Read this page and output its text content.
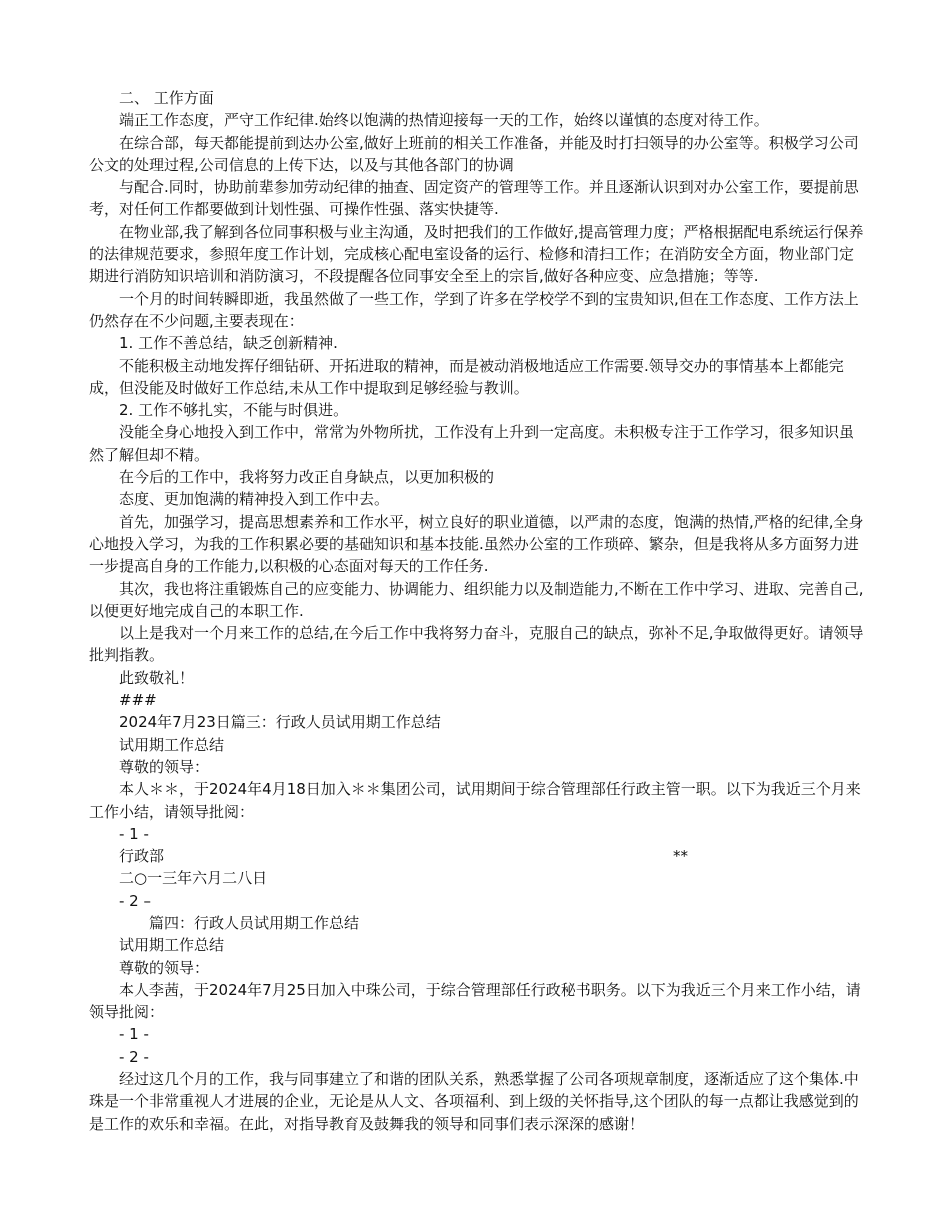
二、 工作方面

端正工作态度，严守工作纪律.始终以饱满的热情迎接每一天的工作，始终以谨慎的态度对待工作。

在综合部，每天都能提前到达办公室,做好上班前的相关工作准备，并能及时打扫领导的办公室等。积极学习公司公文的处理过程,公司信息的上传下达，以及与其他各部门的协调

与配合.同时，协助前辈参加劳动纪律的抽查、固定资产的管理等工作。并且逐渐认识到对办公室工作，要提前思考，对任何工作都要做到计划性强、可操作性强、落实快捷等.

在物业部,我了解到各位同事积极与业主沟通，及时把我们的工作做好,提高管理力度；严格根据配电系统运行保养的法律规范要求，参照年度工作计划，完成核心配电室设备的运行、检修和清扫工作；在消防安全方面，物业部门定期进行消防知识培训和消防演习，不段提醒各位同事安全至上的宗旨,做好各种应变、应急措施；等等.

一个月的时间转瞬即逝，我虽然做了一些工作，学到了许多在学校学不到的宝贵知识,但在工作态度、工作方法上仍然存在不少问题,主要表现在：

1. 工作不善总结，缺乏创新精神.

不能积极主动地发挥仔细钻研、开拓进取的精神，而是被动消极地适应工作需要.领导交办的事情基本上都能完成，但没能及时做好工作总结,未从工作中提取到足够经验与教训。

2. 工作不够扎实，不能与时俱进。

没能全身心地投入到工作中，常常为外物所扰，工作没有上升到一定高度。未积极专注于工作学习，很多知识虽然了解但却不精。

在今后的工作中，我将努力改正自身缺点，以更加积极的

态度、更加饱满的精神投入到工作中去。

首先，加强学习，提高思想素养和工作水平，树立良好的职业道德，以严肃的态度，饱满的热情,严格的纪律,全身心地投入学习，为我的工作积累必要的基础知识和基本技能.虽然办公室的工作琐碎、繁杂，但是我将从多方面努力进一步提高自身的工作能力,以积极的心态面对每天的工作任务.

其次，我也将注重锻炼自己的应变能力、协调能力、组织能力以及制造能力,不断在工作中学习、进取、完善自己,以便更好地完成自己的本职工作.

以上是我对一个月来工作的总结,在今后工作中我将努力奋斗，克服自己的缺点，弥补不足,争取做得更好。请领导批判指教。

此致敬礼！

###

2024年7月23日篇三：行政人员试用期工作总结

试用期工作总结

尊敬的领导：

本人＊＊，于2024年4月18日加入＊＊集团公司，试用期间于综合管理部任行政主管一职。以下为我近三个月来工作小结，请领导批阅：

- 1 -

行政部	**

二○一三年六月二八日

- 2 –

篇四：行政人员试用期工作总结

试用期工作总结

尊敬的领导：

本人李茜，于2024年7月25日加入中珠公司，于综合管理部任行政秘书职务。以下为我近三个月来工作小结，请领导批阅：

- 1 -

- 2 -

经过这几个月的工作，我与同事建立了和谐的团队关系，熟悉掌握了公司各项规章制度，逐渐适应了这个集体.中珠是一个非常重视人才进展的企业，无论是从人文、各项福利、到上级的关怀指导,这个团队的每一点都让我感觉到的是工作的欢乐和幸福。在此，对指导教育及鼓舞我的领导和同事们表示深深的感谢！
